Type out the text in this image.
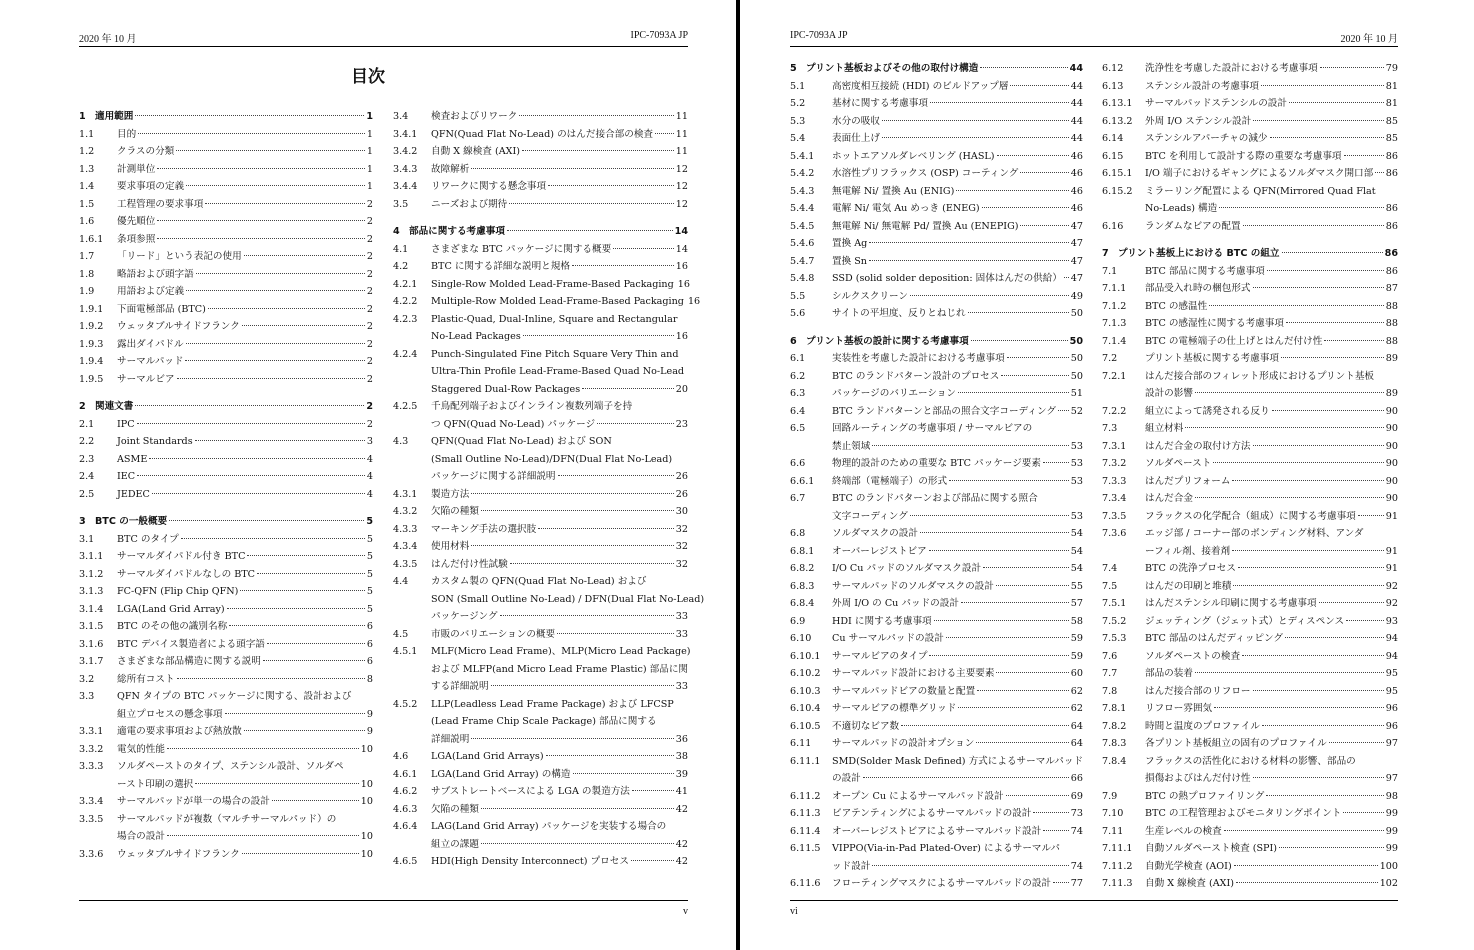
2020 年 10 月	IPC-7093A JP
目次
1 適用範囲	1
1.1	目的	1
1.2	クラスの分類	1
1.3	計測単位	1
1.4	要求事項の定義	1
1.5	工程管理の要求事項	2
1.6	優先順位	2
1.6.1	条項参照	2
1.7	「リード」という表記の使用	2
1.8	略語および頭字語	2
1.9	用語および定義	2
1.9.1	下面電極部品 (BTC)	2
1.9.2	ウェッタブルサイドフランク	2
1.9.3	露出ダイパドル	2
1.9.4	サーマルパッド	2
1.9.5	サーマルビア	2
2 関連文書	2
2.1	IPC	2
2.2	Joint Standards	3
2.3	ASME	4
2.4	IEC	4
2.5	JEDEC	4
3 BTC の一般概要	5
3.1	BTC のタイプ	5
3.1.1	サーマルダイパドル付き BTC	5
3.1.2	サーマルダイパドルなしの BTC	5
3.1.3	FC-QFN (Flip Chip QFN)	5
3.1.4	LGA(Land Grid Array)	5
3.1.5	BTC のその他の識別名称	6
3.1.6	BTC デバイス製造者による頭字語	6
3.1.7	さまざまな部品構造に関する説明	6
3.2	総所有コスト	8
3.3	QFN タイプの BTC パッケージに関する、設計および
組立プロセスの懸念事項	9
3.3.1	適電の要求事項および熱放散	9
3.3.2	電気的性能	10
3.3.3	ソルダペーストのタイプ、ステンシル設計、ソルダペ
ースト印刷の選択	10
3.3.4	サーマルパッドが単一の場合の設計	10
3.3.5	サーマルパッドが複数（マルチサーマルパッド）の
場合の設計	10
3.3.6	ウェッタブルサイドフランク	10
3.4	検査およびリワーク	11
3.4.1	QFN(Quad Flat No-Lead) のはんだ接合部の検査 11
3.4.2	自動 X 線検査 (AXI)	11
3.4.3	故障解析	12
3.4.4	リワークに関する懸念事項	12
3.5	ニーズおよび期待	12
4 部品に関する考慮事項	14
4.1	さまざまな BTC パッケージに関する概要	14
4.2	BTC に関する詳細な説明と規格	16
4.2.1	Single-Row Molded Lead-Frame-Based Packaging 16
4.2.2	Multiple-Row Molded Lead-Frame-Based Packaging 16
4.2.3	Plastic-Quad, Dual-Inline, Square and Rectangular
No-Lead Packages	16
4.2.4	Punch-Singulated Fine Pitch Square Very Thin and
Ultra-Thin Profile Lead-Frame-Based Quad No-Lead
Staggered Dual-Row Packages	20
4.2.5	千鳥配列端子およびインライン複数列端子を持
つ QFN(Quad No-Lead) パッケージ	23
4.3	QFN(Quad Flat No-Lead) および SON
(Small Outline No-Lead)/DFN(Dual Flat No-Lead)
パッケージに関する詳細説明	26
4.3.1	製造方法	26
4.3.2	欠陥の種類	30
4.3.3	マーキング手法の選択肢	32
4.3.4	使用材料	32
4.3.5	はんだ付け性試験	32
4.4	カスタム製の QFN(Quad Flat No-Lead) および
SON (Small Outline No-Lead) / DFN(Dual Flat No-Lead)
パッケージング	33
4.5	市販のバリエーションの概要	33
4.5.1	MLF(Micro Lead Frame)、MLP(Micro Lead Package)
および MLFP(and Micro Lead Frame Plastic) 部品に関
する詳細説明	33
4.5.2	LLP(Leadless Lead Frame Package) および LFCSP
(Lead Frame Chip Scale Package) 部品に関する
詳細説明	36
4.6	LGA(Land Grid Arrays)	38
4.6.1	LGA(Land Grid Array) の構造	39
4.6.2	サブストレートベースによる LGA の製造方法	41
4.6.3	欠陥の種類	42
4.6.4	LAG(Land Grid Array) パッケージを実装する場合の
組立の課題	42
4.6.5	HDI(High Density Interconnect) プロセス	42
v
IPC-7093A JP	2020 年 10 月
5 プリント基板およびその他の取付け構造	44
5.1	高密度相互接続 (HDI) のビルドアップ層	44
5.2	基材に関する考慮事項	44
5.3	水分の吸収	44
5.4	表面仕上げ	44
5.4.1	ホットエアソルダレベリング (HASL)	46
5.4.2	水溶性プリフラックス (OSP) コーティング	46
5.4.3	無電解 Ni/ 置換 Au (ENIG)	46
5.4.4	電解 Ni/ 電気 Au めっき (ENEG)	46
5.4.5	無電解 Ni/ 無電解 Pd/ 置換 Au (ENEPIG)	47
5.4.6	置換 Ag	47
5.4.7	置換 Sn	47
5.4.8	SSD (solid solder deposition: 固体はんだの供給） 47
5.5	シルクスクリーン	49
5.6	サイトの平坦度、反りとねじれ	50
6 プリント基板の設計に関する考慮事項	50
6.1	実装性を考慮した設計における考慮事項	50
6.2	BTC のランドパターン設計のプロセス	50
6.3	パッケージのバリエーション	51
6.4	BTC ランドパターンと部品の照合文字コーディング 52
6.5	回路ルーティングの考慮事項 / サーマルビアの
禁止領域	53
6.6	物理的設計のための重要な BTC パッケージ要素	53
6.6.1	終端部（電極端子）の形式	53
6.7	BTC のランドパターンおよび部品に関する照合
文字コーディング	53
6.8	ソルダマスクの設計	54
6.8.1	オーバーレジストビア	54
6.8.2	I/O Cu パッドのソルダマスク設計	54
6.8.3	サーマルパッドのソルダマスクの設計	55
6.8.4	外周 I/O の Cu パッドの設計	57
6.9	HDI に関する考慮事項	58
6.10	Cu サーマルパッドの設計	59
6.10.1	サーマルビアのタイプ	59
6.10.2	サーマルパッド設計における主要要素	60
6.10.3	サーマルパッドビアの数量と配置	62
6.10.4	サーマルビアの標準グリッド	62
6.10.5	不適切なビア数	64
6.11	サーマルパッドの設計オプション	64
6.11.1	SMD(Solder Mask Defined) 方式によるサーマルパッド
の設計	66
6.11.2	オープン Cu によるサーマルパッド設計	69
6.11.3	ビアテンティングによるサーマルパッドの設計	73
6.11.4	オーバーレジストビアによるサーマルパッド設計	74
6.11.5	VIPPO(Via-in-Pad Plated-Over) によるサーマルパ
ッド設計	74
6.11.6	フローティングマスクによるサーマルパッドの設計 77
6.12	洗浄性を考慮した設計における考慮事項	79
6.13	ステンシル設計の考慮事項	81
6.13.1	サーマルパッドステンシルの設計	81
6.13.2	外周 I/O ステンシル設計	85
6.14	ステンシルアパーチャの減少	85
6.15	BTC を利用して設計する際の重要な考慮事項	86
6.15.1	I/O 端子におけるギャングによるソルダマスク開口部 86
6.15.2	ミラーリング配置による QFN(Mirrored Quad Flat
No-Leads) 構造	86
6.16	ランダムなビアの配置	86
7 プリント基板上における BTC の組立	86
7.1	BTC 部品に関する考慮事項	86
7.1.1	部品受入れ時の梱包形式	87
7.1.2	BTC の感温性	88
7.1.3	BTC の感湿性に関する考慮事項	88
7.1.4	BTC の電極端子の仕上げとはんだ付け性	88
7.2	プリント基板に関する考慮事項	89
7.2.1	はんだ接合部のフィレット形成におけるプリント基板
設計の影響	89
7.2.2	組立によって誘発される反り	90
7.3	組立材料	90
7.3.1	はんだ合金の取付け方法	90
7.3.2	ソルダペースト	90
7.3.3	はんだプリフォーム	90
7.3.4	はんだ合金	90
7.3.5	フラックスの化学配合（組成）に関する考慮事項	91
7.3.6	エッジ部 / コーナー部のボンディング材料、アンダ
ーフィル剤、接着剤	91
7.4	BTC の洗浄プロセス	91
7.5	はんだの印刷と堆積	92
7.5.1	はんだステンシル印刷に関する考慮事項	92
7.5.2	ジェッティング（ジェット式）とディスペンス	93
7.5.3	BTC 部品のはんだディッピング	94
7.6	ソルダペーストの検査	94
7.7	部品の装着	95
7.8	はんだ接合部のリフロー	95
7.8.1	リフロー雰囲気	96
7.8.2	時間と温度のプロファイル	96
7.8.3	各プリント基板組立の固有のプロファイル	97
7.8.4	フラックスの活性化における材料の影響、部品の
損傷およびはんだ付け性	97
7.9	BTC の熱プロファイリング	98
7.10	BTC の工程管理およびモニタリングポイント	99
7.11	生産レベルの検査	99
7.11.1	自動ソルダペースト検査 (SPI)	99
7.11.2	自動光学検査 (AOI)	100
7.11.3	自動 X 線検査 (AXI)	102
vi
